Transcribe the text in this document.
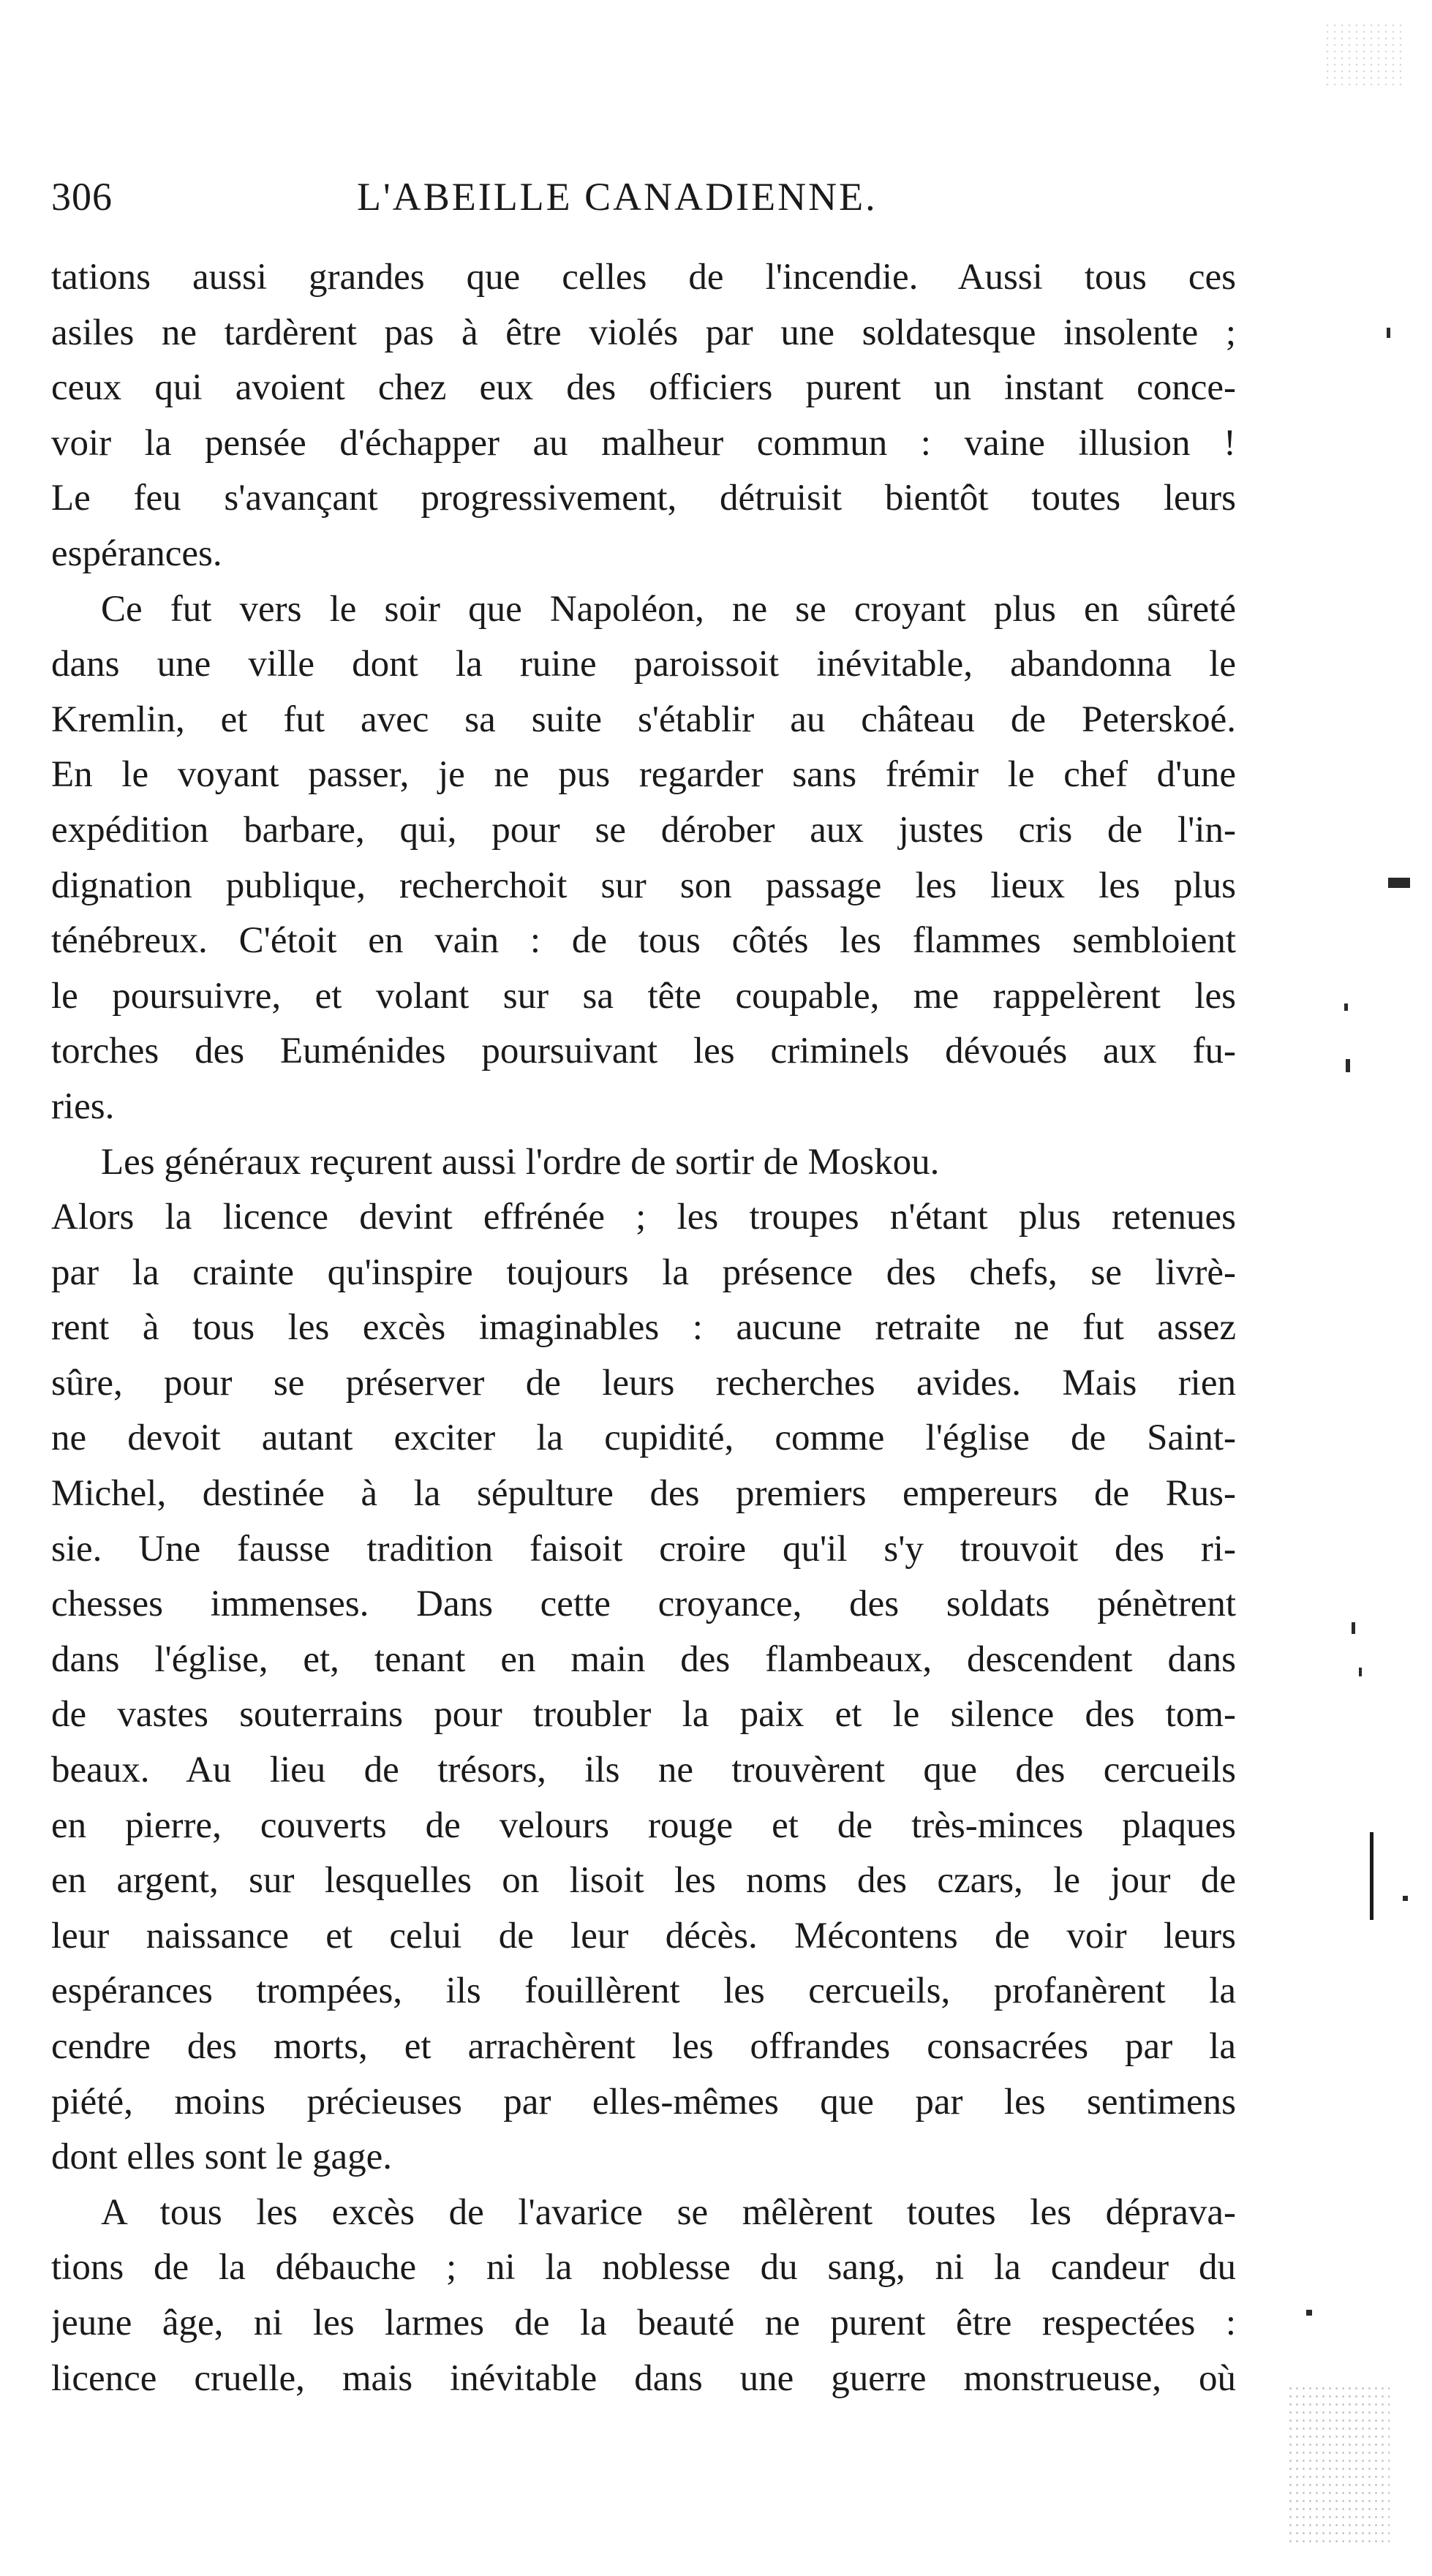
306	L'ABEILLE CANADIENNE.
tations aussi grandes que celles de l'incendie. Aussi tous ces
asiles ne tardèrent pas à être violés par une soldatesque insolente ;
ceux qui avoient chez eux des officiers purent un instant conce-
voir la pensée d'échapper au malheur commun : vaine illusion !
Le feu s'avançant progressivement, détruisit bientôt toutes leurs
espérances.
Ce fut vers le soir que Napoléon, ne se croyant plus en sûreté
dans une ville dont la ruine paroissoit inévitable, abandonna le
Kremlin, et fut avec sa suite s'établir au château de Peterskoé.
En le voyant passer, je ne pus regarder sans frémir le chef d'une
expédition barbare, qui, pour se dérober aux justes cris de l'in-
dignation publique, recherchoit sur son passage les lieux les plus
ténébreux. C'étoit en vain : de tous côtés les flammes sembloient
le poursuivre, et volant sur sa tête coupable, me rappelèrent les
torches des Euménides poursuivant les criminels dévoués aux fu-
ries.
Les généraux reçurent aussi l'ordre de sortir de Moskou.
Alors la licence devint effrénée ; les troupes n'étant plus retenues
par la crainte qu'inspire toujours la présence des chefs, se livrè-
rent à tous les excès imaginables : aucune retraite ne fut assez
sûre, pour se préserver de leurs recherches avides. Mais rien
ne devoit autant exciter la cupidité, comme l'église de Saint-
Michel, destinée à la sépulture des premiers empereurs de Rus-
sie. Une fausse tradition faisoit croire qu'il s'y trouvoit des ri-
chesses immenses. Dans cette croyance, des soldats pénètrent
dans l'église, et, tenant en main des flambeaux, descendent dans
de vastes souterrains pour troubler la paix et le silence des tom-
beaux. Au lieu de trésors, ils ne trouvèrent que des cercueils
en pierre, couverts de velours rouge et de très-minces plaques
en argent, sur lesquelles on lisoit les noms des czars, le jour de
leur naissance et celui de leur décès. Mécontens de voir leurs
espérances trompées, ils fouillèrent les cercueils, profanèrent la
cendre des morts, et arrachèrent les offrandes consacrées par la
piété, moins précieuses par elles-mêmes que par les sentimens
dont elles sont le gage.
A tous les excès de l'avarice se mêlèrent toutes les déprava-
tions de la débauche ; ni la noblesse du sang, ni la candeur du
jeune âge, ni les larmes de la beauté ne purent être respectées :
licence cruelle, mais inévitable dans une guerre monstrueuse, où
